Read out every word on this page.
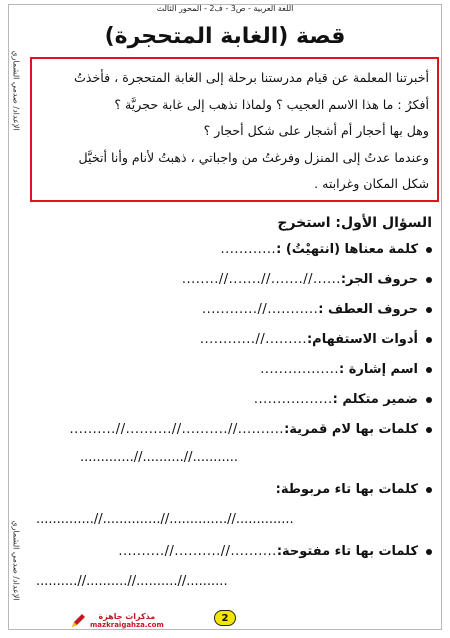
الإعداد/ صدمي الشماري
الإعداد/ صدمي الشماري
اللغة العربية - ص3 - ف2 - المحور الثالث
قصة (الغابة المتحجرة)

أخبرتنا المعلمة عن قيام مدرستنا برحلة إلى الغابة المتحجرة ، فأخذتُ

أفكرُ : ما هذا الاسم العجيب ؟ ولماذا نذهب إلى غابة حجريَّة ؟

وهل بها أحجار أم أشجار على شكل أحجار ؟

وعندما عدتُ إلى المنزل وفرغتُ من واجباتي ، ذهبتُ لأنام وأنا أتخيَّل

شكل المكان وغرابته .

السؤال الأول: استخرج
كلمة معناها (انتهيْتُ) :
............
حروف الجر:
......//.......//.......//........
حروف العطف :
...........//............
أدوات الاستفهام:
.........//............
اسم إشارة :
.................
ضمير متكلم :
.................
كلمات بها لام قمرية:
..........//..........//..........//..........
...........//..........//.............
كلمات بها تاء مربوطة:
..............//..............//..............//..............
كلمات بها تاء مفتوحة:
..........//..........//..........
..........//..........//..........//..........
مذكرات جاهزة
mazkraigahza.com
2
